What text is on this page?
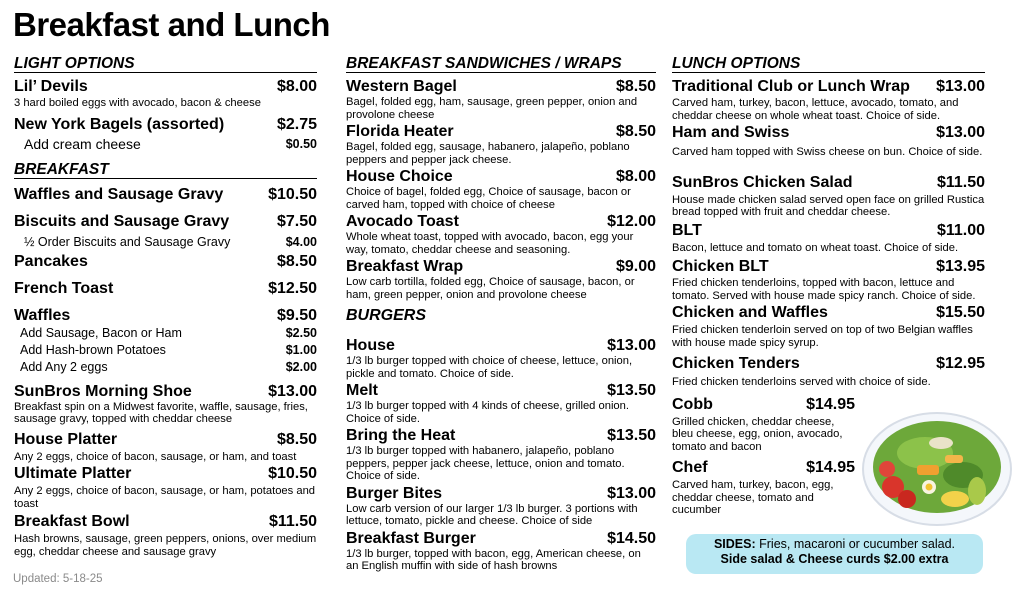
Breakfast and Lunch
LIGHT OPTIONS
Lil’ Devils	$8.00
3 hard boiled eggs with avocado, bacon & cheese
New York Bagels (assorted)	$2.75
Add cream cheese	$0.50
BREAKFAST
Waffles and Sausage Gravy	$10.50
Biscuits and Sausage Gravy	$7.50
½ Order Biscuits and Sausage Gravy	$4.00
Pancakes	$8.50
French Toast	$12.50
Waffles	$9.50
Add Sausage, Bacon or Ham	$2.50
Add Hash-brown Potatoes	$1.00
Add Any 2 eggs	$2.00
SunBros Morning Shoe	$13.00
Breakfast spin on a Midwest favorite, waffle, sausage, fries, sausage gravy, topped with cheddar cheese
House Platter	$8.50
Any 2 eggs, choice of bacon, sausage, or ham, and toast
Ultimate Platter	$10.50
Any 2 eggs, choice of bacon, sausage, or ham, potatoes and toast
Breakfast Bowl	$11.50
Hash browns, sausage, green peppers, onions, over medium egg, cheddar cheese and sausage gravy
BREAKFAST SANDWICHES / WRAPS
Western Bagel	$8.50
Bagel, folded egg, ham, sausage, green pepper, onion and provolone cheese
Florida Heater	$8.50
Bagel, folded egg, sausage, habanero, jalapeño, poblano peppers and pepper jack cheese.
House Choice	$8.00
Choice of bagel, folded egg, Choice of sausage, bacon or carved ham, topped with choice of cheese
Avocado Toast	$12.00
Whole wheat toast, topped with avocado, bacon, egg your way, tomato, cheddar cheese and seasoning.
Breakfast Wrap	$9.00
Low carb tortilla, folded egg, Choice of sausage, bacon, or ham, green pepper, onion and provolone cheese
BURGERS
House	$13.00
1/3 lb burger topped with choice of cheese, lettuce, onion, pickle and tomato. Choice of side.
Melt	$13.50
1/3 lb burger topped with 4 kinds of cheese, grilled onion. Choice of side.
Bring the Heat	$13.50
1/3 lb burger topped with habanero, jalapeño, poblano peppers, pepper jack cheese, lettuce, onion and tomato. Choice of side.
Burger Bites	$13.00
Low carb version of our larger 1/3 lb burger. 3 portions with lettuce, tomato, pickle and cheese. Choice of side
Breakfast Burger	$14.50
1/3 lb burger, topped with bacon, egg, American cheese, on an English muffin with side of hash browns
LUNCH OPTIONS
Traditional Club or Lunch Wrap $13.00
Carved ham, turkey, bacon, lettuce, avocado, tomato, and cheddar cheese on whole wheat toast. Choice of side.
Ham and Swiss	$13.00
Carved ham topped with Swiss cheese on bun. Choice of side.
SunBros Chicken Salad	$11.50
House made chicken salad served open face on grilled Rustica bread topped with fruit and cheddar cheese.
BLT	$11.00
Bacon, lettuce and tomato on wheat toast. Choice of side.
Chicken BLT	$13.95
Fried chicken tenderloins, topped with bacon, lettuce and tomato. Served with house made spicy ranch. Choice of side.
Chicken and Waffles	$15.50
Fried chicken tenderloin served on top of two Belgian waffles with house made spicy syrup.
Chicken Tenders	$12.95
Fried chicken tenderloins served with choice of side.
Cobb	$14.95
Grilled chicken, cheddar cheese, bleu cheese, egg, onion, avocado, tomato and bacon
Chef	$14.95
Carved ham, turkey, bacon, egg, cheddar cheese, tomato and cucumber
SIDES: Fries, macaroni or cucumber salad.
Side salad & Cheese curds $2.00 extra
Updated: 5-18-25
